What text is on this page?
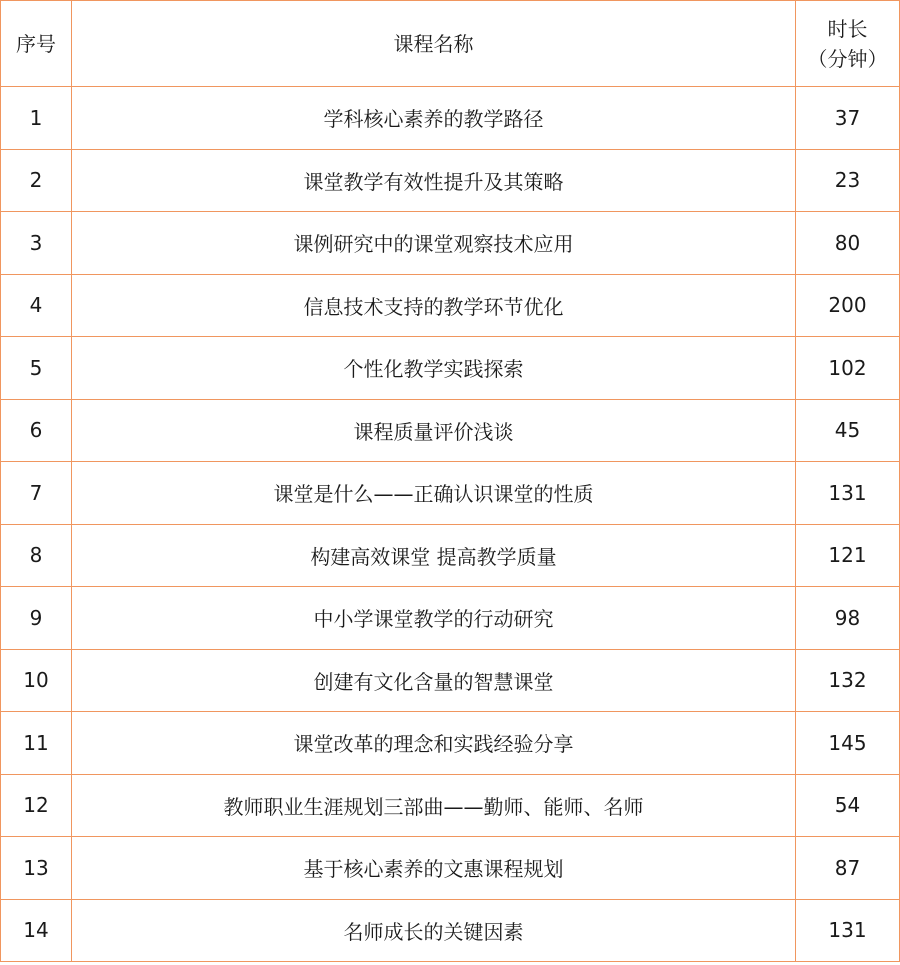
序号	课程名称	时长
（分钟）

1	学科核心素养的教学路径	37
2	课堂教学有效性提升及其策略	23
3	课例研究中的课堂观察技术应用	80
4	信息技术支持的教学环节优化	200
5	个性化教学实践探索	102
6	课程质量评价浅谈	45
7	课堂是什么——正确认识课堂的性质	131
8	构建高效课堂 提高教学质量	121
9	中小学课堂教学的行动研究	98
10	创建有文化含量的智慧课堂	132
11	课堂改革的理念和实践经验分享	145
12	教师职业生涯规划三部曲——勤师、能师、名师	54
13	基于核心素养的文惠课程规划	87
14	名师成长的关键因素	131
